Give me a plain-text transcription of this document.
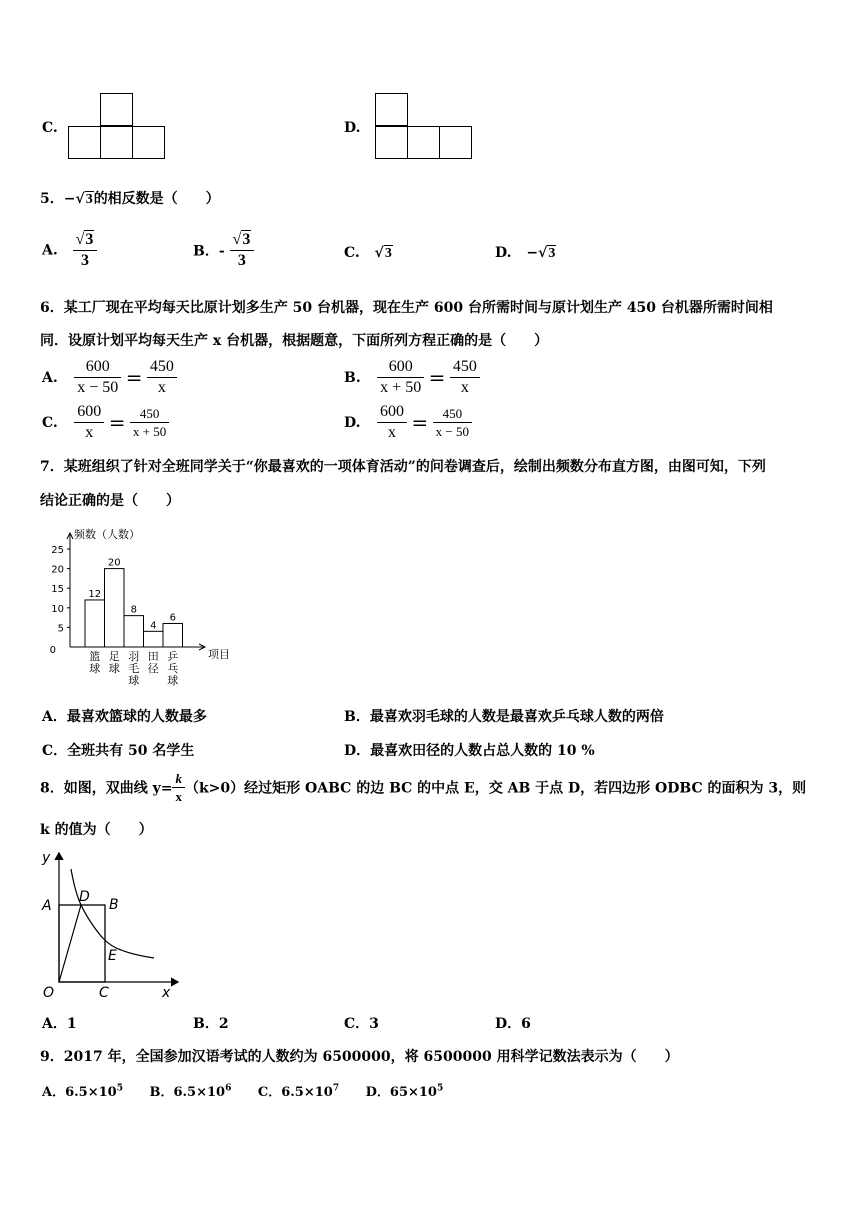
C.	D.
5．−√3的相反数是（　　）
A. $\frac{√3}{3}$	B．- $\frac{√3}{3}$	C. √3	D. −√3
6．某工厂现在平均每天比原计划多生产 50 台机器，现在生产 600 台所需时间与原计划生产 450 台机器所需时间相
同．设原计划平均每天生产 x 台机器，根据题意，下面所列方程正确的是（　　）
A. $\frac{600}{x - 50} = \frac{450}{x}$	B. $\frac{600}{x + 50} = \frac{450}{x}$
C. $\frac{600}{x} = \frac{450}{x + 50}$	D. $\frac{600}{x} = \frac{450}{x - 50}$
7．某班组织了针对全班同学关于“你最喜欢的一项体育活动”的问卷调查后，绘制出频数分布直方图，由图可知，下列
结论正确的是（　　）
0
5
10
15
20
25
频数（人数）
项目
12
篮
球
20
足
球
8
羽
毛
球
4
田
径
6
乒
乓
球
A．最喜欢篮球的人数最多	B．最喜欢羽毛球的人数是最喜欢乒乓球人数的两倍
C．全班共有 50 名学生	D．最喜欢田径的人数占总人数的 10 %
8．如图，双曲线 $y= \frac{k}{x} (k>0)$经过矩形 OABC 的边 BC 的中点 E，交 AB 于点 D，若四边形 ODBC 的面积为 3，则
k 的值为（　　）
y
A
D B
E
O	C	x
A．1	B．2	C．3	D．6
9．2017 年，全国参加汉语考试的人数约为 6500000，将 6500000 用科学记数法表示为（　　）
A．$6.5\times 10^5$ B．$6.5\times 10^6$ C．$6.5\times 10^7$ D．$65\times 10^5$
